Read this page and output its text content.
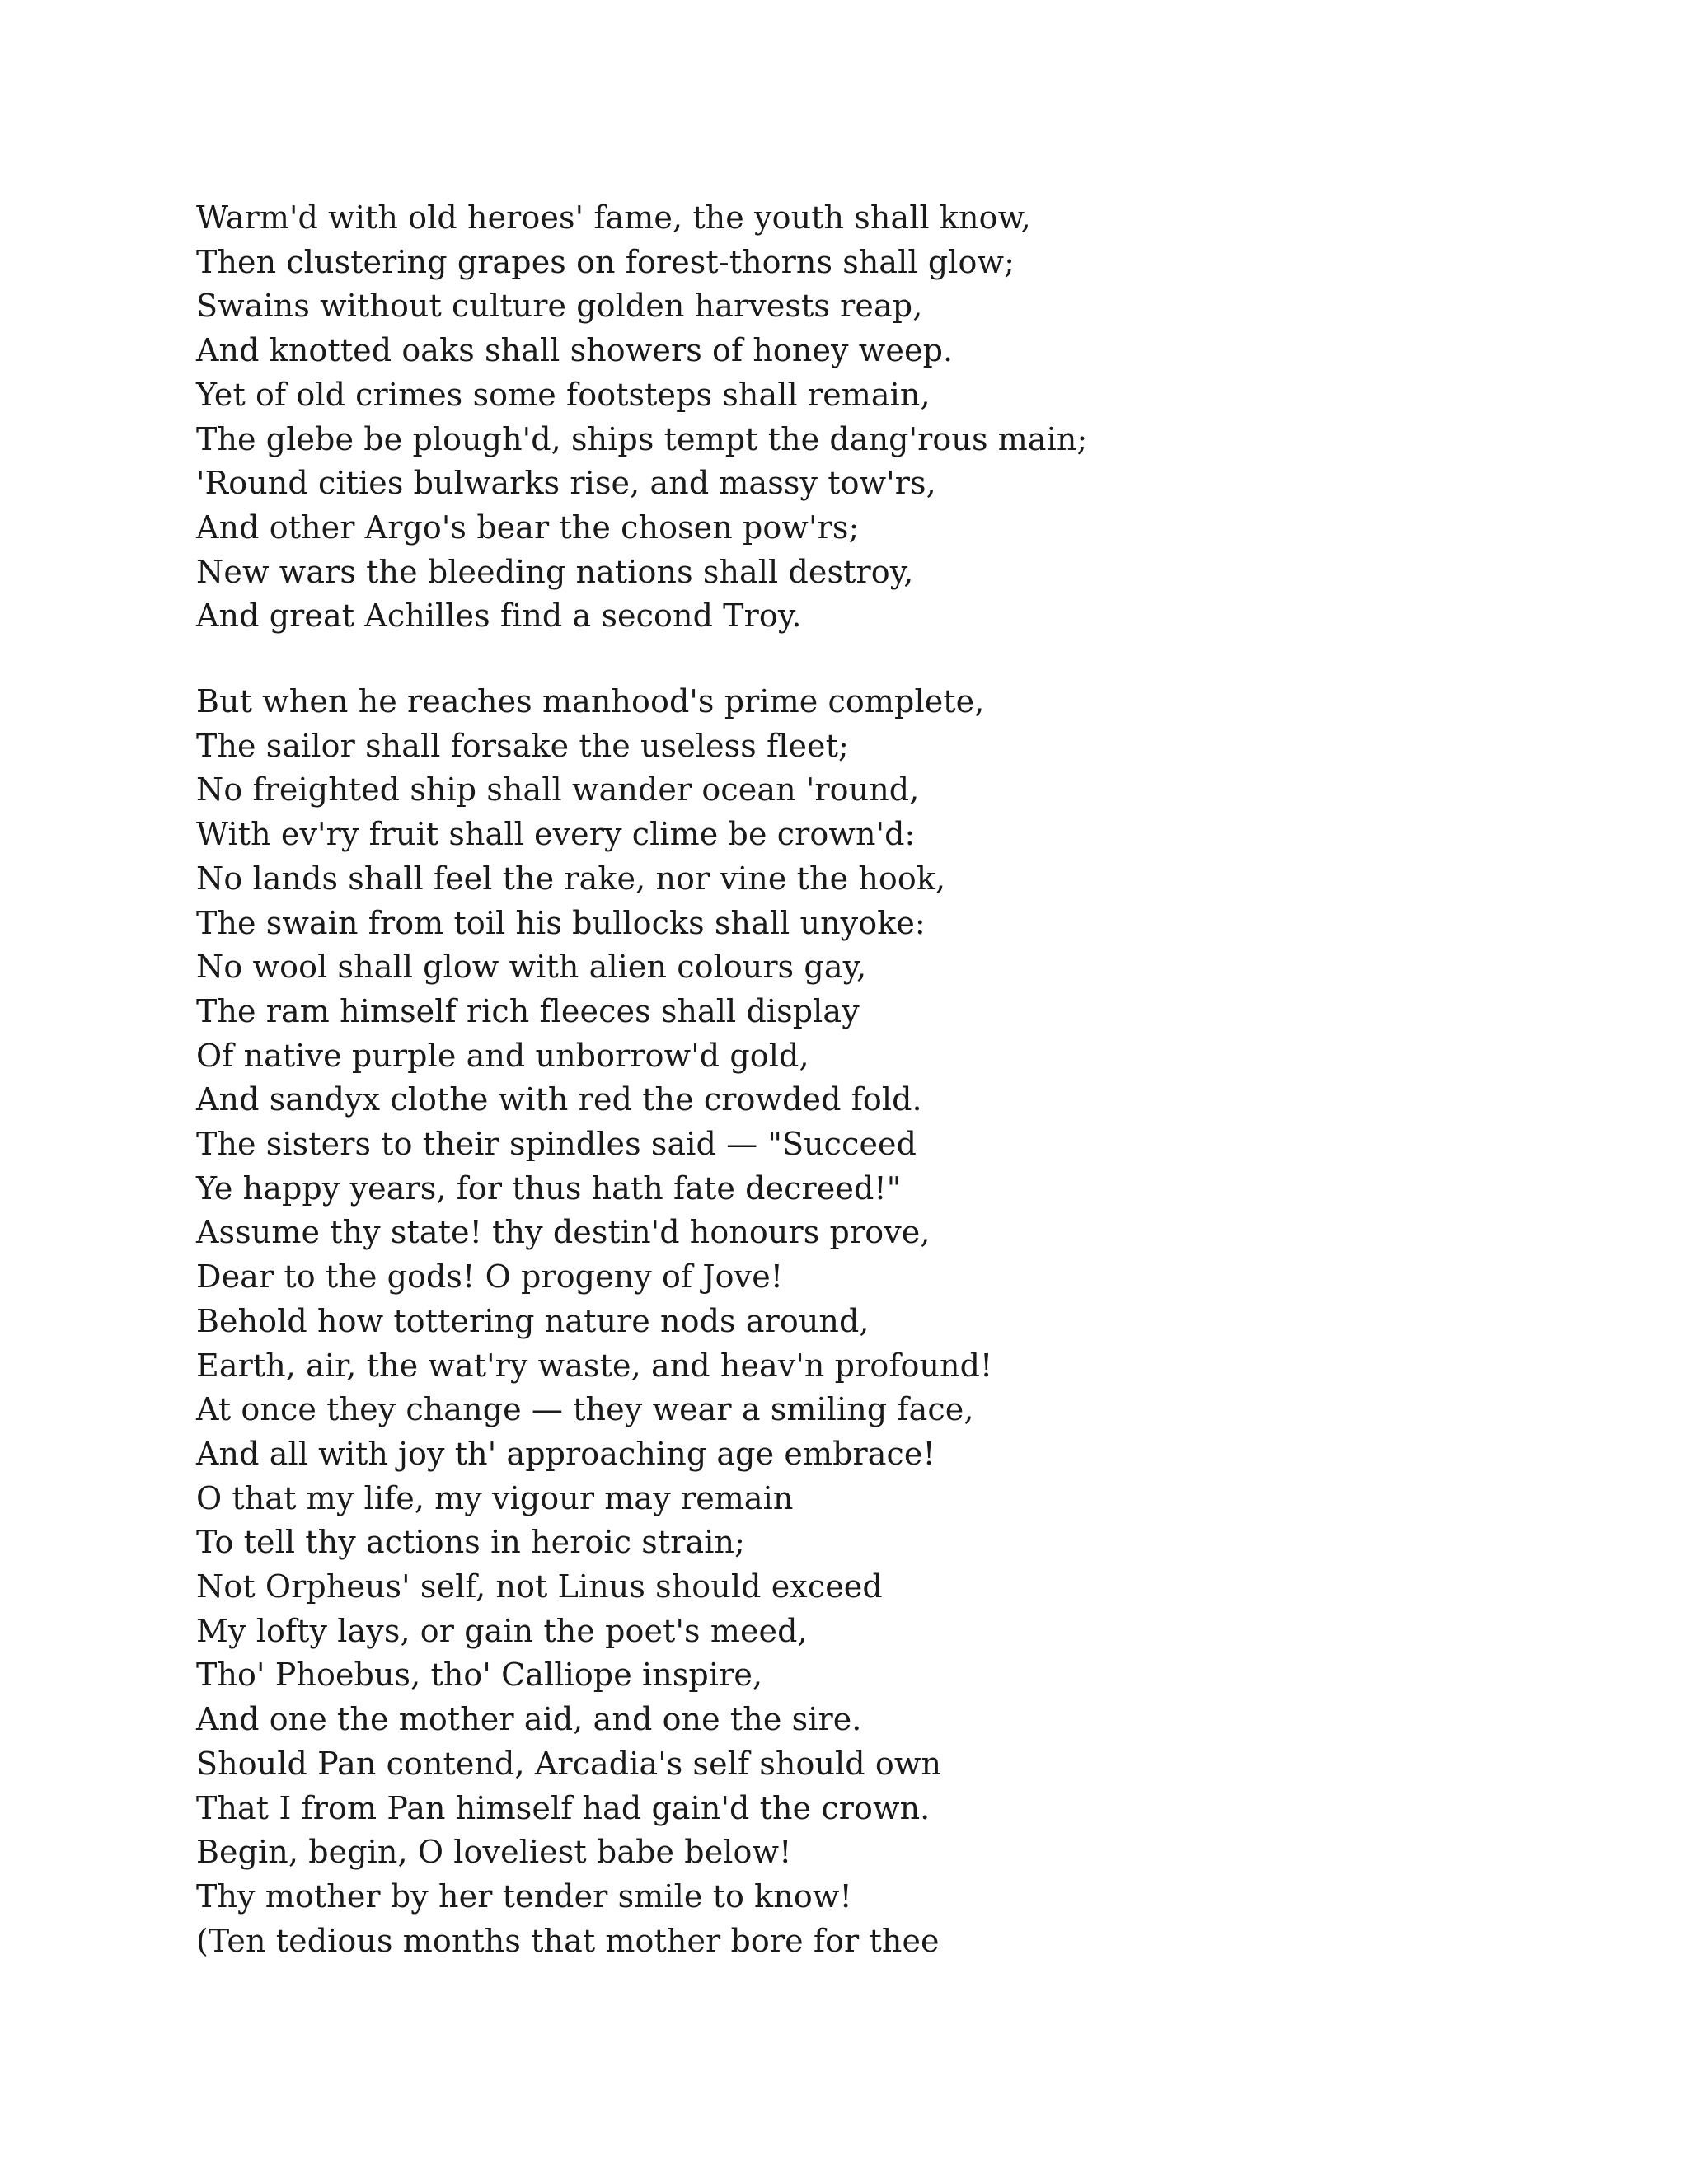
Warm'd with old heroes' fame, the youth shall know,
Then clustering grapes on forest-thorns shall glow;
Swains without culture golden harvests reap,
And knotted oaks shall showers of honey weep.
Yet of old crimes some footsteps shall remain,
The glebe be plough'd, ships tempt the dang'rous main;
'Round cities bulwarks rise, and massy tow'rs,
And other Argo's bear the chosen pow'rs;
New wars the bleeding nations shall destroy,
And great Achilles find a second Troy.
But when he reaches manhood's prime complete,
The sailor shall forsake the useless fleet;
No freighted ship shall wander ocean 'round,
With ev'ry fruit shall every clime be crown'd:
No lands shall feel the rake, nor vine the hook,
The swain from toil his bullocks shall unyoke:
No wool shall glow with alien colours gay,
The ram himself rich fleeces shall display
Of native purple and unborrow'd gold,
And sandyx clothe with red the crowded fold.
The sisters to their spindles said — "Succeed
Ye happy years, for thus hath fate decreed!"
Assume thy state! thy destin'd honours prove,
Dear to the gods! O progeny of Jove!
Behold how tottering nature nods around,
Earth, air, the wat'ry waste, and heav'n profound!
At once they change — they wear a smiling face,
And all with joy th' approaching age embrace!
O that my life, my vigour may remain
To tell thy actions in heroic strain;
Not Orpheus' self, not Linus should exceed
My lofty lays, or gain the poet's meed,
Tho' Phoebus, tho' Calliope inspire,
And one the mother aid, and one the sire.
Should Pan contend, Arcadia's self should own
That I from Pan himself had gain'd the crown.
Begin, begin, O loveliest babe below!
Thy mother by her tender smile to know!
(Ten tedious months that mother bore for thee
